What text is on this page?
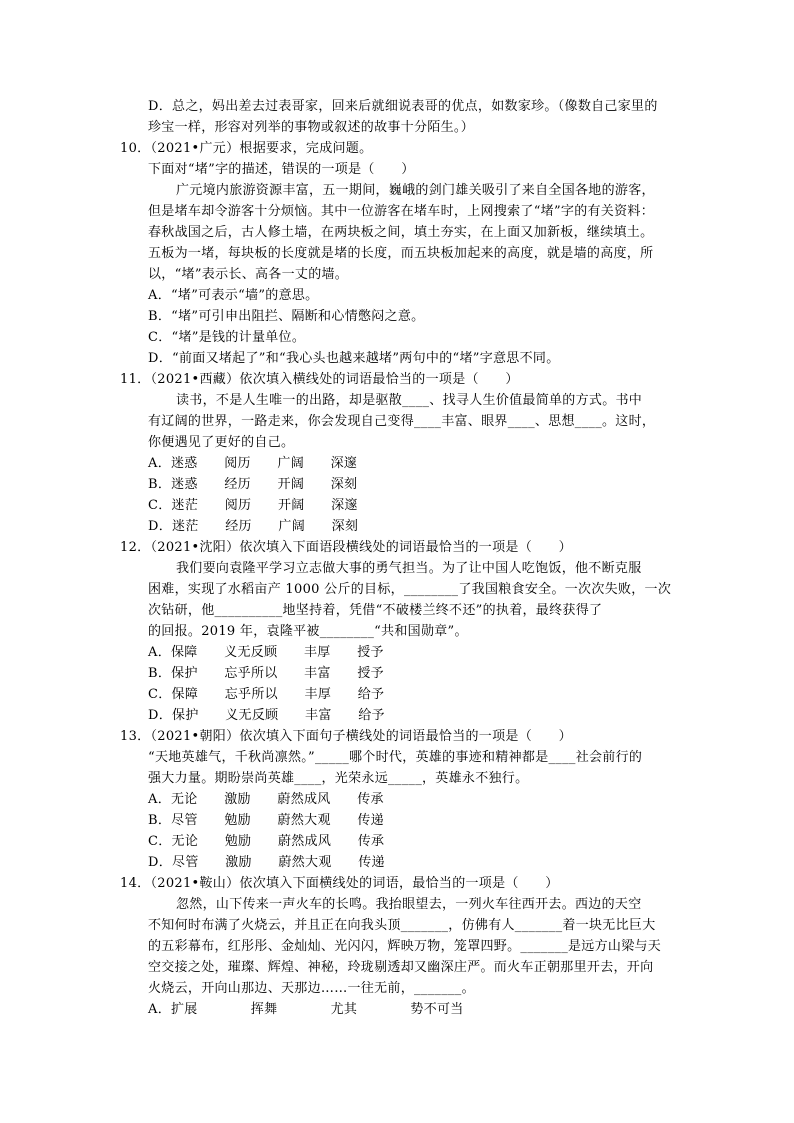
D．总之，妈出差去过表哥家，回来后就细说表哥的优点，如数家珍。（像数自己家里的
珍宝一样，形容对列举的事物或叙述的故事十分陌生。）
10．（2021•广元）根据要求，完成问题。
下面对“堵”字的描述，错误的一项是（　　）
广元境内旅游资源丰富，五一期间，巍峨的剑门雄关吸引了来自全国各地的游客，
但是堵车却令游客十分烦恼。其中一位游客在堵车时，上网搜索了“堵”字的有关资料：
春秋战国之后，古人修土墙，在两块板之间，填土夯实，在上面又加新板，继续填土。
五板为一堵，每块板的长度就是堵的长度，而五块板加起来的高度，就是墙的高度，所
以，“堵”表示长、高各一丈的墙。
A．“堵”可表示“墙”的意思。
B．“堵”可引申出阻拦、隔断和心情憋闷之意。
C．“堵”是钱的计量单位。
D．“前面又堵起了”和“我心头也越来越堵”两句中的“堵”字意思不同。
11．（2021•西藏）依次填入横线处的词语最恰当的一项是（　　）
读书，不是人生唯一的出路，却是驱散____、找寻人生价值最简单的方式。书中
有辽阔的世界，一路走来，你会发现自己变得____丰富、眼界____、思想____。这时，
你便遇见了更好的自己。
A．迷惑　　阅历　　广阔　　深邃
B．迷惑　　经历　　开阔　　深刻
C．迷茫　　阅历　　开阔　　深邃
D．迷茫　　经历　　广阔　　深刻
12．（2021•沈阳）依次填入下面语段横线处的词语最恰当的一项是（　　）
我们要向袁隆平学习立志做大事的勇气担当。为了让中国人吃饱饭，他不断克服
困难，实现了水稻亩产 1000 公斤的目标，________了我国粮食安全。一次次失败，一次
次钻研，他__________地坚持着，凭借“不破楼兰终不还”的执着，最终获得了
的回报。2019 年，袁隆平被________“共和国勋章”。
A．保障　　义无反顾　　丰厚　　授予
B．保护　　忘乎所以　　丰富　　授予
C．保障　　忘乎所以　　丰厚　　给予
D．保护　　义无反顾　　丰富　　给予
13．（2021•朝阳）依次填入下面句子横线处的词语最恰当的一项是（　　）
“天地英雄气，千秋尚凛然。”_____哪个时代，英雄的事迹和精神都是____社会前行的
强大力量。期盼崇尚英雄____，光荣永远_____，英雄永不独行。
A．无论　　激励　　蔚然成风　　传承
B．尽管　　勉励　　蔚然大观　　传递
C．无论　　勉励　　蔚然成风　　传承
D．尽管　　激励　　蔚然大观　　传递
14．（2021•鞍山）依次填入下面横线处的词语，最恰当的一项是（　　）
忽然，山下传来一声火车的长鸣。我抬眼望去，一列火车往西开去。西边的天空
不知何时布满了火烧云，并且正在向我头顶_______，仿佛有人_______着一块无比巨大
的五彩幕布，红彤彤、金灿灿、光闪闪，辉映万物，笼罩四野。_______是远方山梁与天
空交接之处，璀璨、辉煌、神秘，玲珑剔透却又幽深庄严。而火车正朝那里开去，开向
火烧云，开向山那边、天那边……一往无前，_______。
A．扩展　　　　挥舞　　　　尤其　　　　势不可当
